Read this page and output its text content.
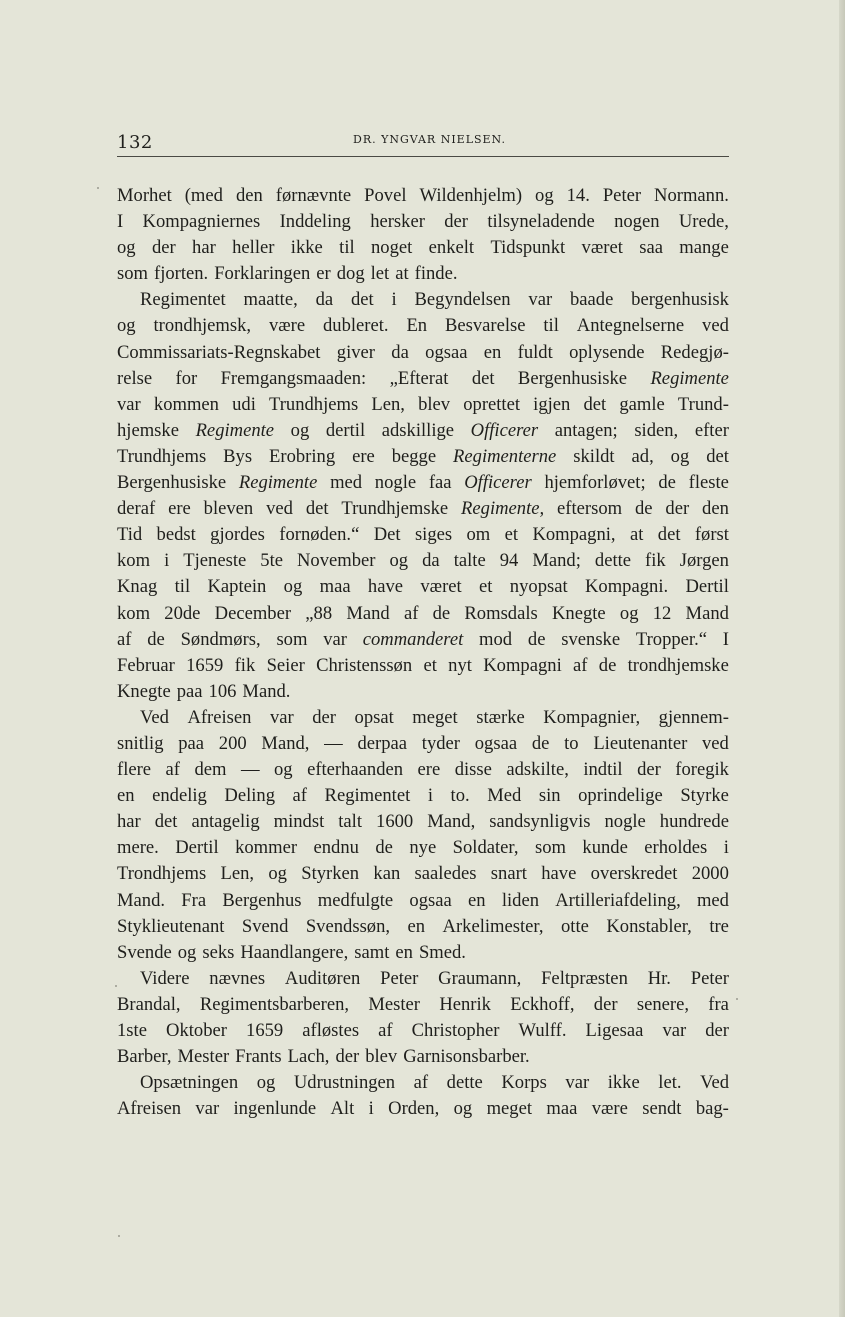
132	DR. YNGVAR NIELSEN.
Morhet (med den førnævnte Povel Wildenhjelm) og 14. Peter Normann.
I Kompagniernes Inddeling hersker der tilsyneladende nogen Urede,
og der har heller ikke til noget enkelt Tidspunkt været saa mange
som fjorten. Forklaringen er dog let at finde.
Regimentet maatte, da det i Begyndelsen var baade bergenhusisk
og trondhjemsk, være dubleret. En Besvarelse til Antegnelserne ved
Commissariats-Regnskabet giver da ogsaa en fuldt oplysende Redegjø-
relse for Fremgangsmaaden: „Efterat det Bergenhusiske Regimente
var kommen udi Trundhjems Len, blev oprettet igjen det gamle Trund-
hjemske Regimente og dertil adskillige Officerer antagen; siden, efter
Trundhjems Bys Erobring ere begge Regimenterne skildt ad, og det
Bergenhusiske Regimente med nogle faa Officerer hjemforløvet; de fleste
deraf ere bleven ved det Trundhjemske Regimente, eftersom de der den
Tid bedst gjordes fornøden.“ Det siges om et Kompagni, at det først
kom i Tjeneste 5te November og da talte 94 Mand; dette fik Jørgen
Knag til Kaptein og maa have været et nyopsat Kompagni. Dertil
kom 20de December „88 Mand af de Romsdals Knegte og 12 Mand
af de Søndmørs, som var commanderet mod de svenske Tropper.“ I
Februar 1659 fik Seier Christenssøn et nyt Kompagni af de trondhjemske
Knegte paa 106 Mand.
Ved Afreisen var der opsat meget stærke Kompagnier, gjennem-
snitlig paa 200 Mand, — derpaa tyder ogsaa de to Lieutenanter ved
flere af dem — og efterhaanden ere disse adskilte, indtil der foregik
en endelig Deling af Regimentet i to. Med sin oprindelige Styrke
har det antagelig mindst talt 1600 Mand, sandsynligvis nogle hundrede
mere. Dertil kommer endnu de nye Soldater, som kunde erholdes i
Trondhjems Len, og Styrken kan saaledes snart have overskredet 2000
Mand. Fra Bergenhus medfulgte ogsaa en liden Artilleriafdeling, med
Styklieutenant Svend Svendssøn, en Arkelimester, otte Konstabler, tre
Svende og seks Haandlangere, samt en Smed.
Videre nævnes Auditøren Peter Graumann, Feltpræsten Hr. Peter
Brandal, Regimentsbarberen, Mester Henrik Eckhoff, der senere, fra
1ste Oktober 1659 afløstes af Christopher Wulff. Ligesaa var der
Barber, Mester Frants Lach, der blev Garnisonsbarber.
Opsætningen og Udrustningen af dette Korps var ikke let. Ved
Afreisen var ingenlunde Alt i Orden, og meget maa være sendt bag-
